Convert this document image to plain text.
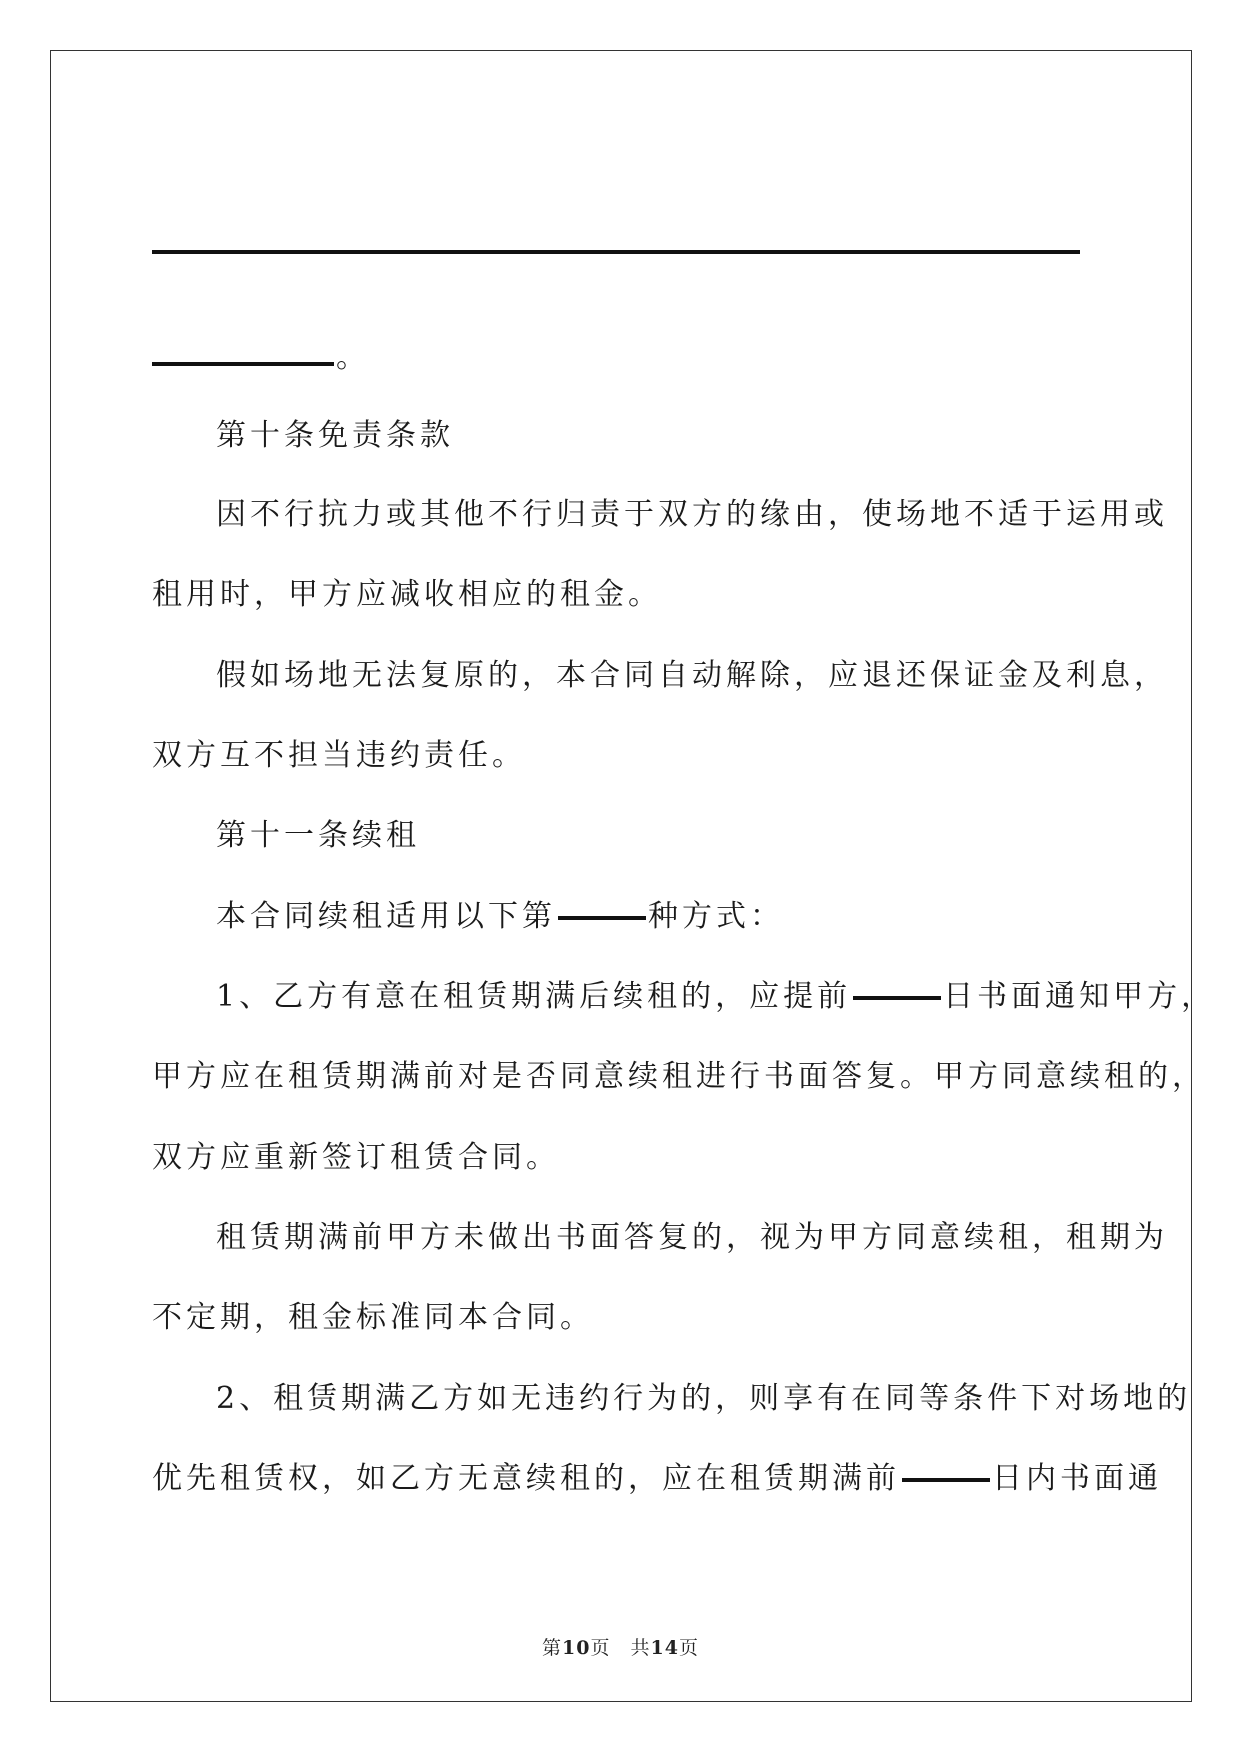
。
第十条免责条款
因不行抗力或其他不行归责于双方的缘由，使场地不适于运用或
租用时，甲方应减收相应的租金。
假如场地无法复原的，本合同自动解除，应退还保证金及利息，
双方互不担当违约责任。
第十一条续租
本合同续租适用以下第	种方式：
1、乙方有意在租赁期满后续租的，应提前	日书面通知甲方，
甲方应在租赁期满前对是否同意续租进行书面答复。甲方同意续租的，
双方应重新签订租赁合同。
租赁期满前甲方未做出书面答复的，视为甲方同意续租，租期为
不定期，租金标准同本合同。
2、租赁期满乙方如无违约行为的，则享有在同等条件下对场地的
优先租赁权，如乙方无意续租的，应在租赁期满前	日内书面通
第10页　共14页
